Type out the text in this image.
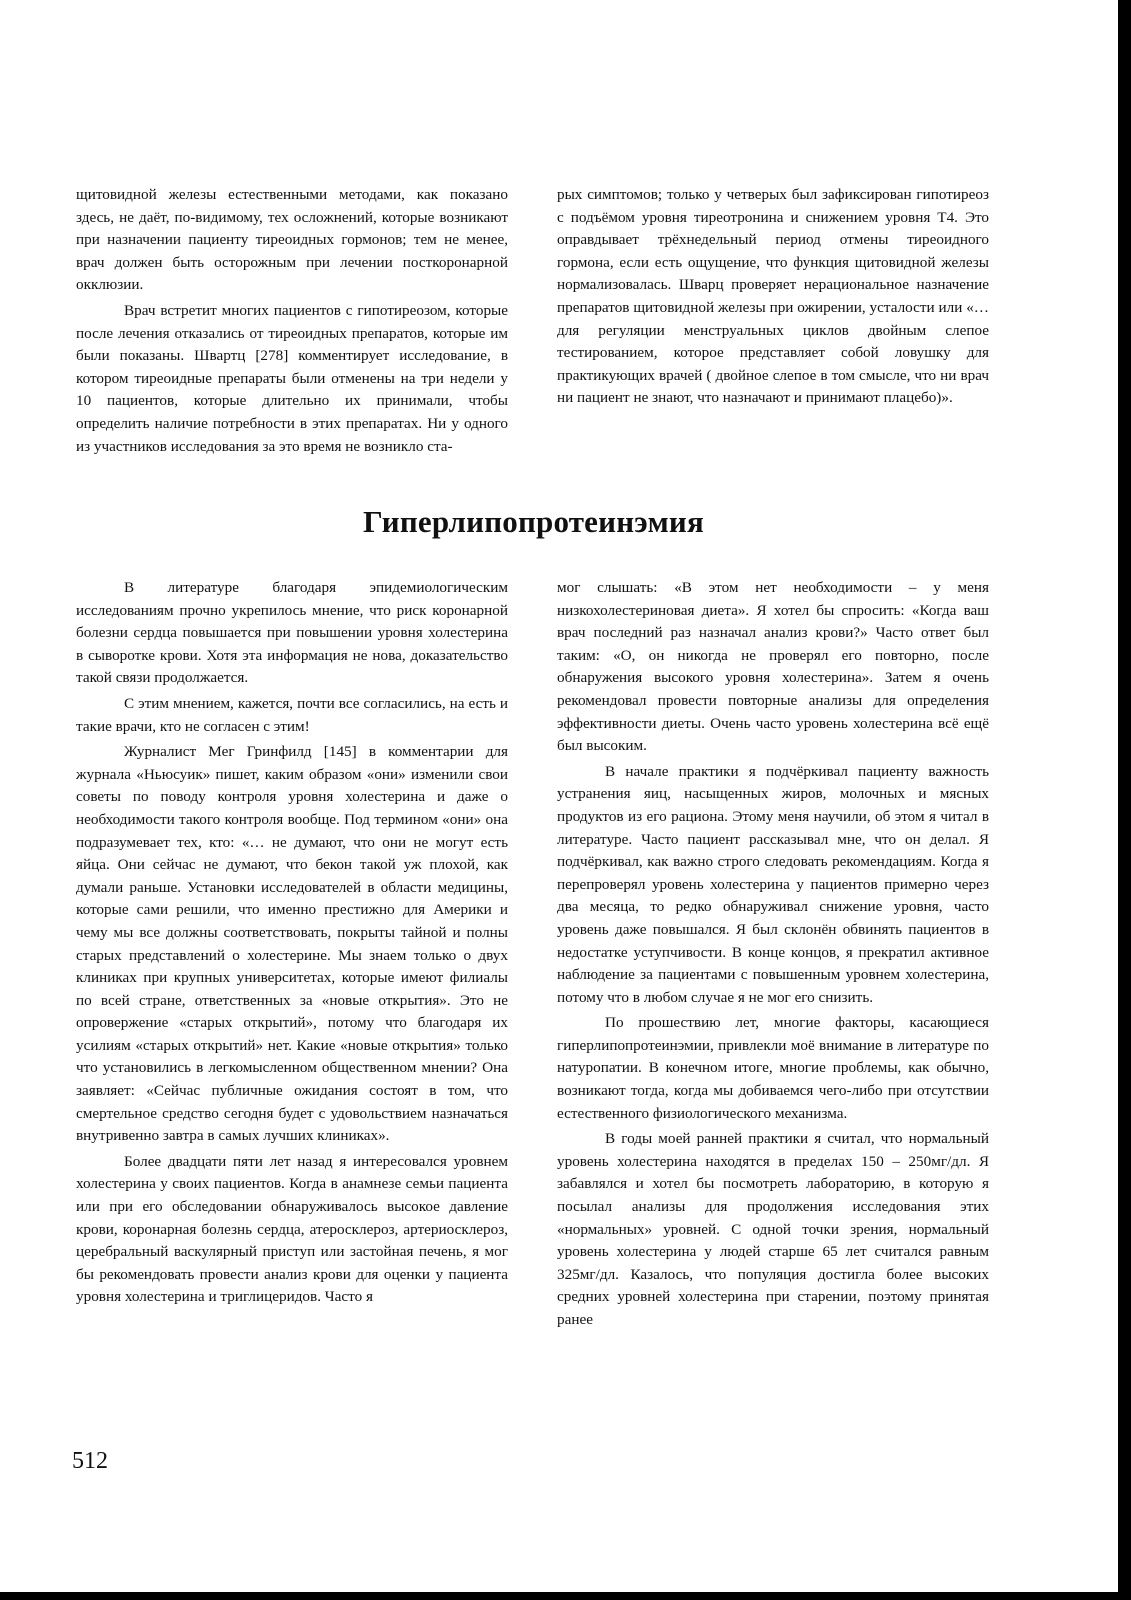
щитовидной железы естественными методами, как показано здесь, не даёт, по-видимому, тех осложнений, которые возникают при назначении пациенту тиреоидных гормонов; тем не менее, врач должен быть осторожным при лечении посткоронарной окклюзии.

Врач встретит многих пациентов с гипотиреозом, которые после лечения отказались от тиреоидных препаратов, которые им были показаны. Швартц [278] комментирует исследование, в котором тиреоидные препараты были отменены на три недели у 10 пациентов, которые длительно их принимали, чтобы определить наличие потребности в этих препаратах. Ни у одного из участников исследования за это время не возникло ста-

рых симптомов; только у четверых был зафиксирован гипотиреоз с подъёмом уровня тиреотронина и снижением уровня Т4. Это оправдывает трёхнедельный период отмены тиреоидного гормона, если есть ощущение, что функция щитовидной железы нормализовалась. Шварц проверяет нерациональное назначение препаратов щитовидной железы при ожирении, усталости или «… для регуляции менструальных циклов двойным слепое тестированием, которое представляет собой ловушку для практикующих врачей ( двойное слепое в том смысле, что ни врач ни пациент не знают, что назначают и принимают плацебо)».

Гиперлипопротеинэмия

В литературе благодаря эпидемиологическим исследованиям прочно укрепилось мнение, что риск коронарной болезни сердца повышается при повышении уровня холестерина в сыворотке крови. Хотя эта информация не нова, доказательство такой связи продолжается.

С этим мнением, кажется, почти все согласились, на есть и такие врачи, кто не согласен с этим!

Журналист Мег Гринфилд [145] в комментарии для журнала «Ньюсуик» пишет, каким образом «они» изменили свои советы по поводу контроля уровня холестерина и даже о необходимости такого контроля вообще. Под термином «они» она подразумевает тех, кто: «… не думают, что они не могут есть яйца. Они сейчас не думают, что бекон такой уж плохой, как думали раньше. Установки исследователей в области медицины, которые сами решили, что именно престижно для Америки и чему мы все должны соответствовать, покрыты тайной и полны старых представлений о холестерине. Мы знаем только о двух клиниках при крупных университетах, которые имеют филиалы по всей стране, ответственных за «новые открытия». Это не опровержение «старых открытий», потому что благодаря их усилиям «старых открытий» нет. Какие «новые открытия» только что установились в легкомысленном общественном мнении? Она заявляет: «Сейчас публичные ожидания состоят в том, что смертельное средство сегодня будет с удовольствием назначаться внутривенно завтра в самых лучших клиниках».

Более двадцати пяти лет назад я интересовался уровнем холестерина у своих пациентов. Когда в анамнезе семьи пациента или при его обследовании обнаруживалось высокое давление крови, коронарная болезнь сердца, атеросклероз, артериосклероз, церебральный васкулярный приступ или застойная печень, я мог бы рекомендовать провести анализ крови для оценки у пациента уровня холестерина и триглицеридов. Часто я

мог слышать: «В этом нет необходимости – у меня низкохолестериновая диета». Я хотел бы спросить: «Когда ваш врач последний раз назначал анализ крови?» Часто ответ был таким: «О, он никогда не проверял его повторно, после обнаружения высокого уровня холестерина». Затем я очень рекомендовал провести повторные анализы для определения эффективности диеты. Очень часто уровень холестерина всё ещё был высоким.

В начале практики я подчёркивал пациенту важность устранения яиц, насыщенных жиров, молочных и мясных продуктов из его рациона. Этому меня научили, об этом я читал в литературе. Часто пациент рассказывал мне, что он делал. Я подчёркивал, как важно строго следовать рекомендациям. Когда я перепроверял уровень холестерина у пациентов примерно через два месяца, то редко обнаруживал снижение уровня, часто уровень даже повышался. Я был склонён обвинять пациентов в недостатке уступчивости. В конце концов, я прекратил активное наблюдение за пациентами с повышенным уровнем холестерина, потому что в любом случае я не мог его снизить.

По прошествию лет, многие факторы, касающиеся гиперлипопротеинэмии, привлекли моё внимание в литературе по натуропатии. В конечном итоге, многие проблемы, как обычно, возникают тогда, когда мы добиваемся чего-либо при отсутствии естественного физиологического механизма.

В годы моей ранней практики я считал, что нормальный уровень холестерина находятся в пределах 150 – 250мг/дл. Я забавлялся и хотел бы посмотреть лабораторию, в которую я посылал анализы для продолжения исследования этих «нормальных» уровней. С одной точки зрения, нормальный уровень холестерина у людей старше 65 лет считался равным 325мг/дл. Казалось, что популяция достигла более высоких средних уровней холестерина при старении, поэтому принятая ранее

512
